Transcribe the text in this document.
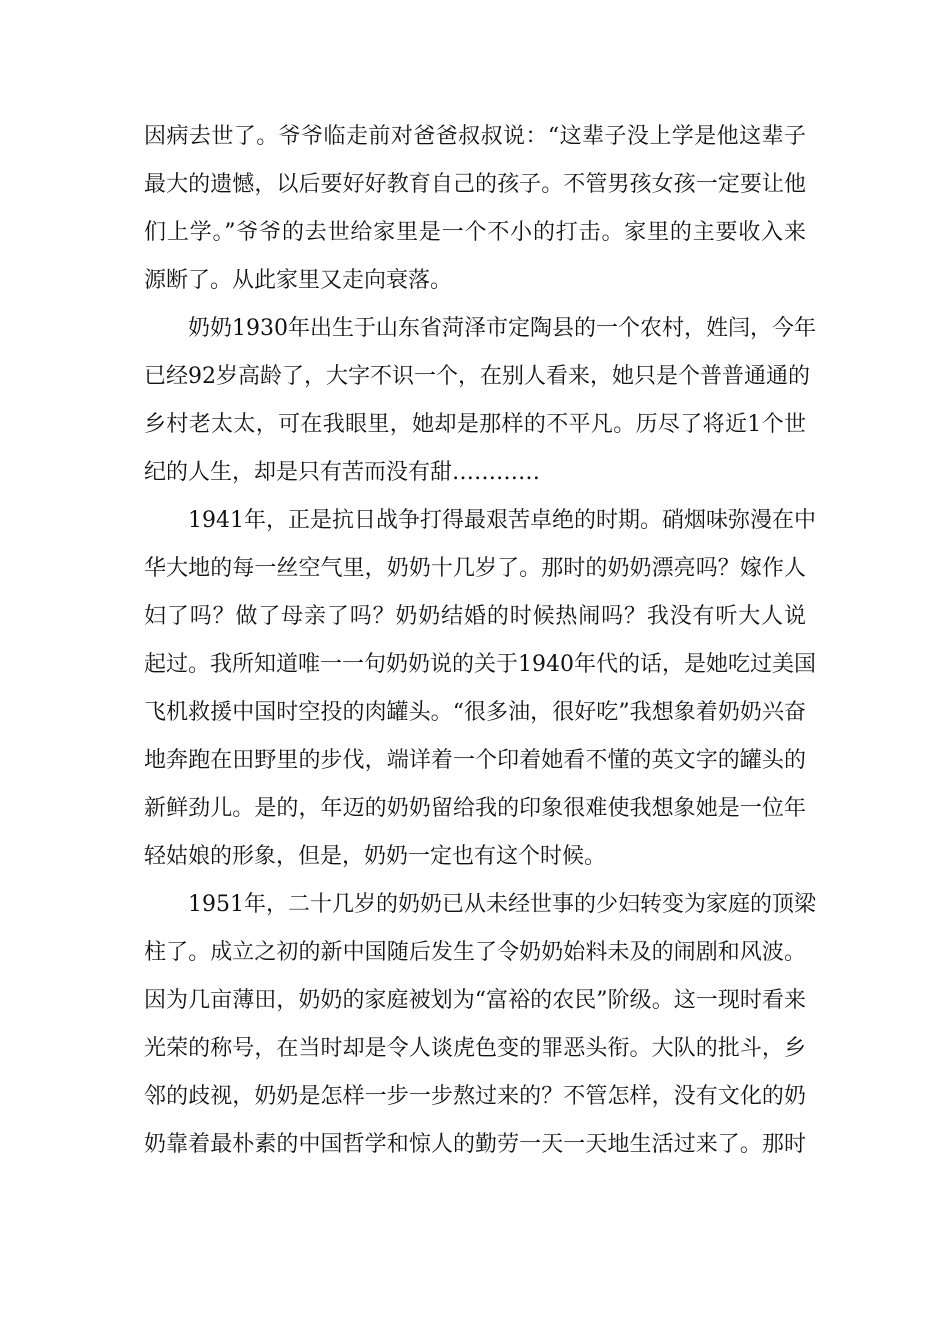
因病去世了。爷爷临走前对爸爸叔叔说：“这辈子没上学是他这辈子
最大的遗憾，以后要好好教育自己的孩子。不管男孩女孩一定要让他
们上学。”爷爷的去世给家里是一个不小的打击。家里的主要收入来
源断了。从此家里又走向衰落。
奶奶1930年出生于山东省菏泽市定陶县的一个农村，姓闫，今年
已经92岁高龄了，大字不识一个，在别人看来，她只是个普普通通的
乡村老太太，可在我眼里，她却是那样的不平凡。历尽了将近1个世
纪的人生，却是只有苦而没有甜…………
1941年，正是抗日战争打得最艰苦卓绝的时期。硝烟味弥漫在中
华大地的每一丝空气里，奶奶十几岁了。那时的奶奶漂亮吗？嫁作人
妇了吗？做了母亲了吗？奶奶结婚的时候热闹吗？我没有听大人说
起过。我所知道唯一一句奶奶说的关于1940年代的话，是她吃过美国
飞机救援中国时空投的肉罐头。“很多油，很好吃”我想象着奶奶兴奋
地奔跑在田野里的步伐，端详着一个印着她看不懂的英文字的罐头的
新鲜劲儿。是的，年迈的奶奶留给我的印象很难使我想象她是一位年
轻姑娘的形象，但是，奶奶一定也有这个时候。
1951年，二十几岁的奶奶已从未经世事的少妇转变为家庭的顶梁
柱了。成立之初的新中国随后发生了令奶奶始料未及的闹剧和风波。
因为几亩薄田，奶奶的家庭被划为“富裕的农民”阶级。这一现时看来
光荣的称号，在当时却是令人谈虎色变的罪恶头衔。大队的批斗，乡
邻的歧视，奶奶是怎样一步一步熬过来的？不管怎样，没有文化的奶
奶靠着最朴素的中国哲学和惊人的勤劳一天一天地生活过来了。那时
